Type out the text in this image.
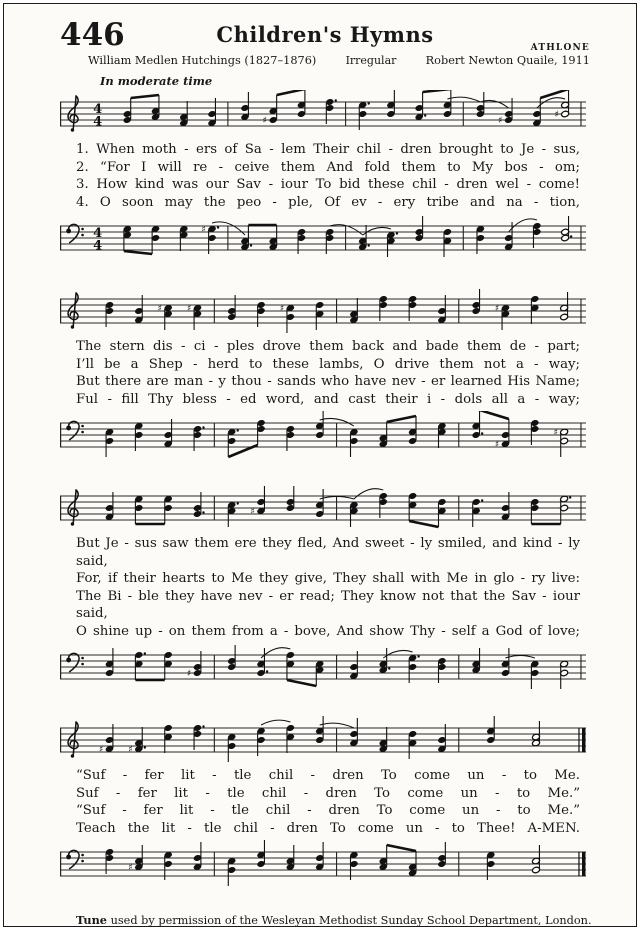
446	Children's Hymns
ATHLONE
William Medlen Hutchings (1827–1876)	Irregular	Robert Newton Quaile, 1911
In moderate time
4
4	♯	♯
♯
1. When moth - ers of Sa - lem Their chil - dren brought to Je - sus,
2. “For I will re - ceive them And fold them to My bos - om;
3. How kind was our Sav - iour To bid these chil - dren wel - come!
4. O soon may the peo - ple, Of ev - ery tribe and na - tion,
4
4
♯
♯	♯	♯	♯
The stern dis - ci - ples drove them back and bade them de - part;
I’ll be a Shep - herd to these lambs, O drive them not a - way;
But there are man - y thou - sands who have nev - er learned His Name;
Ful - fill Thy bless - ed word, and cast their i - dols all a - way;
♯
♯
♯
But Je - sus saw them ere they fled, And sweet - ly smiled, and kind - ly said,
For, if their hearts to Me they give, They shall with Me in glo - ry live:
The Bi - ble they have nev - er read; They know not that the Sav - iour said,
O shine up - on them from a - bove, And show Thy - self a God of love;
♯
♯	♯
“Suf - fer lit - tle chil - dren To come un - to Me.
Suf - fer lit - tle chil - dren To come un - to Me.”
“Suf - fer lit - tle chil - dren To come un - to Me.”
Teach the lit - tle chil - dren To come un - to Thee! A-MEN.
♯
Tune used by permission of the Wesleyan Methodist Sunday School Department, London.
